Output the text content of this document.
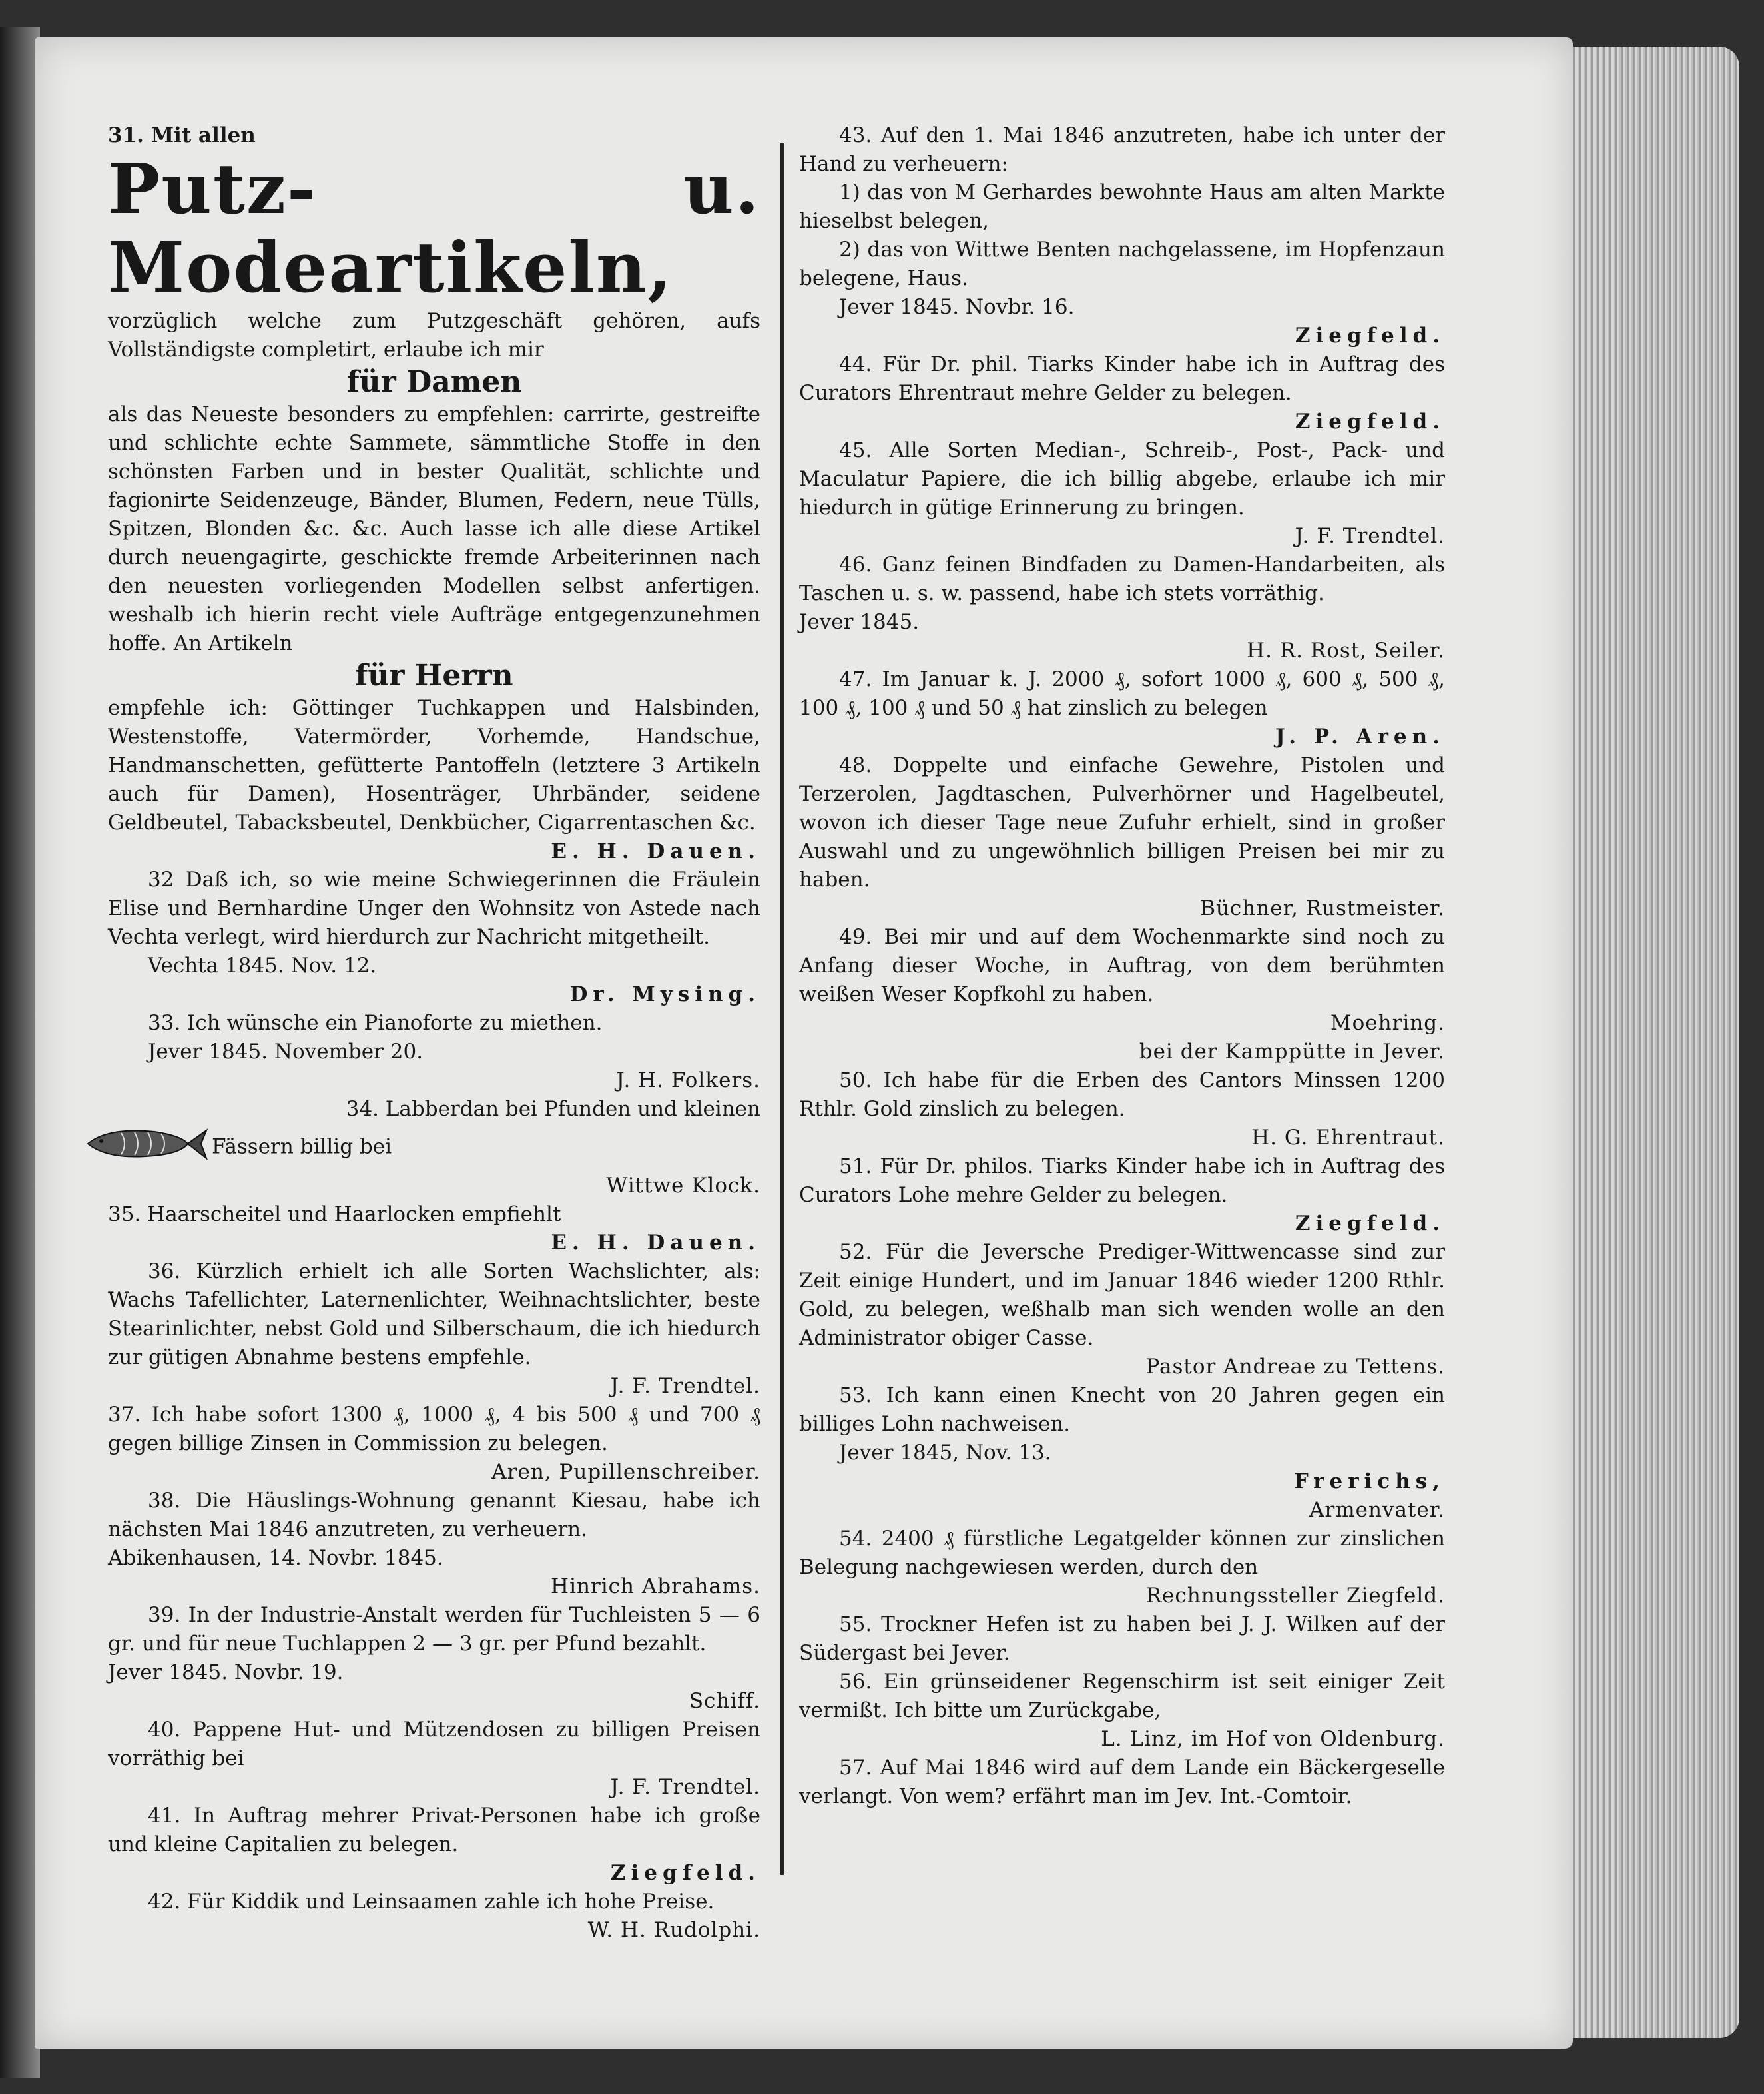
31. Mit allen

Putz- u. Modeartikeln,

vorzüglich welche zum Putzgeschäft gehören, aufs Vollständigste completirt, erlaube ich mir

für Damen

als das Neueste besonders zu empfehlen: carrirte, gestreifte und schlichte echte Sammete, sämmtliche Stoffe in den schönsten Farben und in bester Qualität, schlichte und fagionirte Seidenzeuge, Bänder, Blumen, Federn, neue Tülls, Spitzen, Blonden &c. &c. Auch lasse ich alle diese Artikel durch neuengagirte, geschickte fremde Arbeiterinnen nach den neuesten vorliegenden Modellen selbst anfertigen. weshalb ich hierin recht viele Aufträge entgegenzunehmen hoffe. An Artikeln

für Herrn

empfehle ich: Göttinger Tuchkappen und Halsbinden, Westenstoffe, Vatermörder, Vorhemde, Handschue, Handmanschetten, gefütterte Pantoffeln (letztere 3 Artikeln auch für Damen), Hosenträger, Uhrbänder, seidene Geldbeutel, Tabacksbeutel, Denkbücher, Cigarrentaschen &c.

E. H. Dauen.

32 Daß ich, so wie meine Schwiegerinnen die Fräulein Elise und Bernhardine Unger den Wohnsitz von Astede nach Vechta verlegt, wird hierdurch zur Nachricht mitgetheilt.

Vechta 1845. Nov. 12.

Dr. Mysing.

33. Ich wünsche ein Pianoforte zu miethen.

Jever 1845. November 20.

J. H. Folkers.

34. Labberdan bei Pfunden und kleinen

Fässern billig bei

Wittwe Klock.

35. Haarscheitel und Haarlocken empfiehlt

E. H. Dauen.

36. Kürzlich erhielt ich alle Sorten Wachslichter, als: Wachs Tafellichter, Laternenlichter, Weihnachtslichter, beste Stearinlichter, nebst Gold und Silberschaum, die ich hiedurch zur gütigen Abnahme bestens empfehle.

J. F. Trendtel.

37. Ich habe sofort 1300 ₰, 1000 ₰, 4 bis 500 ₰ und 700 ₰ gegen billige Zinsen in Commission zu belegen.

Aren, Pupillenschreiber.

38. Die Häuslings-Wohnung genannt Kiesau, habe ich nächsten Mai 1846 anzutreten, zu verheuern.

Abikenhausen, 14. Novbr. 1845.

Hinrich Abrahams.

39. In der Industrie-Anstalt werden für Tuchleisten 5 — 6 gr. und für neue Tuchlappen 2 — 3 gr. per Pfund bezahlt.

Jever 1845. Novbr. 19.

Schiff.

40. Pappene Hut- und Mützendosen zu billigen Preisen vorräthig bei

J. F. Trendtel.

41. In Auftrag mehrer Privat-Personen habe ich große und kleine Capitalien zu belegen.

Ziegfeld.

42. Für Kiddik und Leinsaamen zahle ich hohe Preise.

W. H. Rudolphi.

43. Auf den 1. Mai 1846 anzutreten, habe ich unter der Hand zu verheuern:

1) das von M Gerhardes bewohnte Haus am alten Markte hieselbst belegen,

2) das von Wittwe Benten nachgelassene, im Hopfenzaun belegene, Haus.

Jever 1845. Novbr. 16.

Ziegfeld.

44. Für Dr. phil. Tiarks Kinder habe ich in Auftrag des Curators Ehrentraut mehre Gelder zu belegen.

Ziegfeld.

45. Alle Sorten Median-, Schreib-, Post-, Pack- und Maculatur Papiere, die ich billig abgebe, erlaube ich mir hiedurch in gütige Erinnerung zu bringen.

J. F. Trendtel.

46. Ganz feinen Bindfaden zu Damen-Handarbeiten, als Taschen u. s. w. passend, habe ich stets vorräthig.

Jever 1845.

H. R. Rost, Seiler.

47. Im Januar k. J. 2000 ₰, sofort 1000 ₰, 600 ₰, 500 ₰, 100 ₰, 100 ₰ und 50 ₰ hat zinslich zu belegen

J. P. Aren.

48. Doppelte und einfache Gewehre, Pistolen und Terzerolen, Jagdtaschen, Pulverhörner und Hagelbeutel, wovon ich dieser Tage neue Zufuhr erhielt, sind in großer Auswahl und zu ungewöhnlich billigen Preisen bei mir zu haben.

Büchner, Rustmeister.

49. Bei mir und auf dem Wochenmarkte sind noch zu Anfang dieser Woche, in Auftrag, von dem berühmten weißen Weser Kopfkohl zu haben.

Moehring.

bei der Kamppütte in Jever.

50. Ich habe für die Erben des Cantors Minssen 1200 Rthlr. Gold zinslich zu belegen.

H. G. Ehrentraut.

51. Für Dr. philos. Tiarks Kinder habe ich in Auftrag des Curators Lohe mehre Gelder zu belegen.

Ziegfeld.

52. Für die Jeversche Prediger-Wittwencasse sind zur Zeit einige Hundert, und im Januar 1846 wieder 1200 Rthlr. Gold, zu belegen, weßhalb man sich wenden wolle an den Administrator obiger Casse.

Pastor Andreae zu Tettens.

53. Ich kann einen Knecht von 20 Jahren gegen ein billiges Lohn nachweisen.

Jever 1845, Nov. 13.

Frerichs,

Armenvater.

54. 2400 ₰ fürstliche Legatgelder können zur zinslichen Belegung nachgewiesen werden, durch den

Rechnungssteller Ziegfeld.

55. Trockner Hefen ist zu haben bei J. J. Wilken auf der Südergast bei Jever.

56. Ein grünseidener Regenschirm ist seit einiger Zeit vermißt. Ich bitte um Zurückgabe,

L. Linz, im Hof von Oldenburg.

57. Auf Mai 1846 wird auf dem Lande ein Bäckergeselle verlangt. Von wem? erfährt man im Jev. Int.-Comtoir.
